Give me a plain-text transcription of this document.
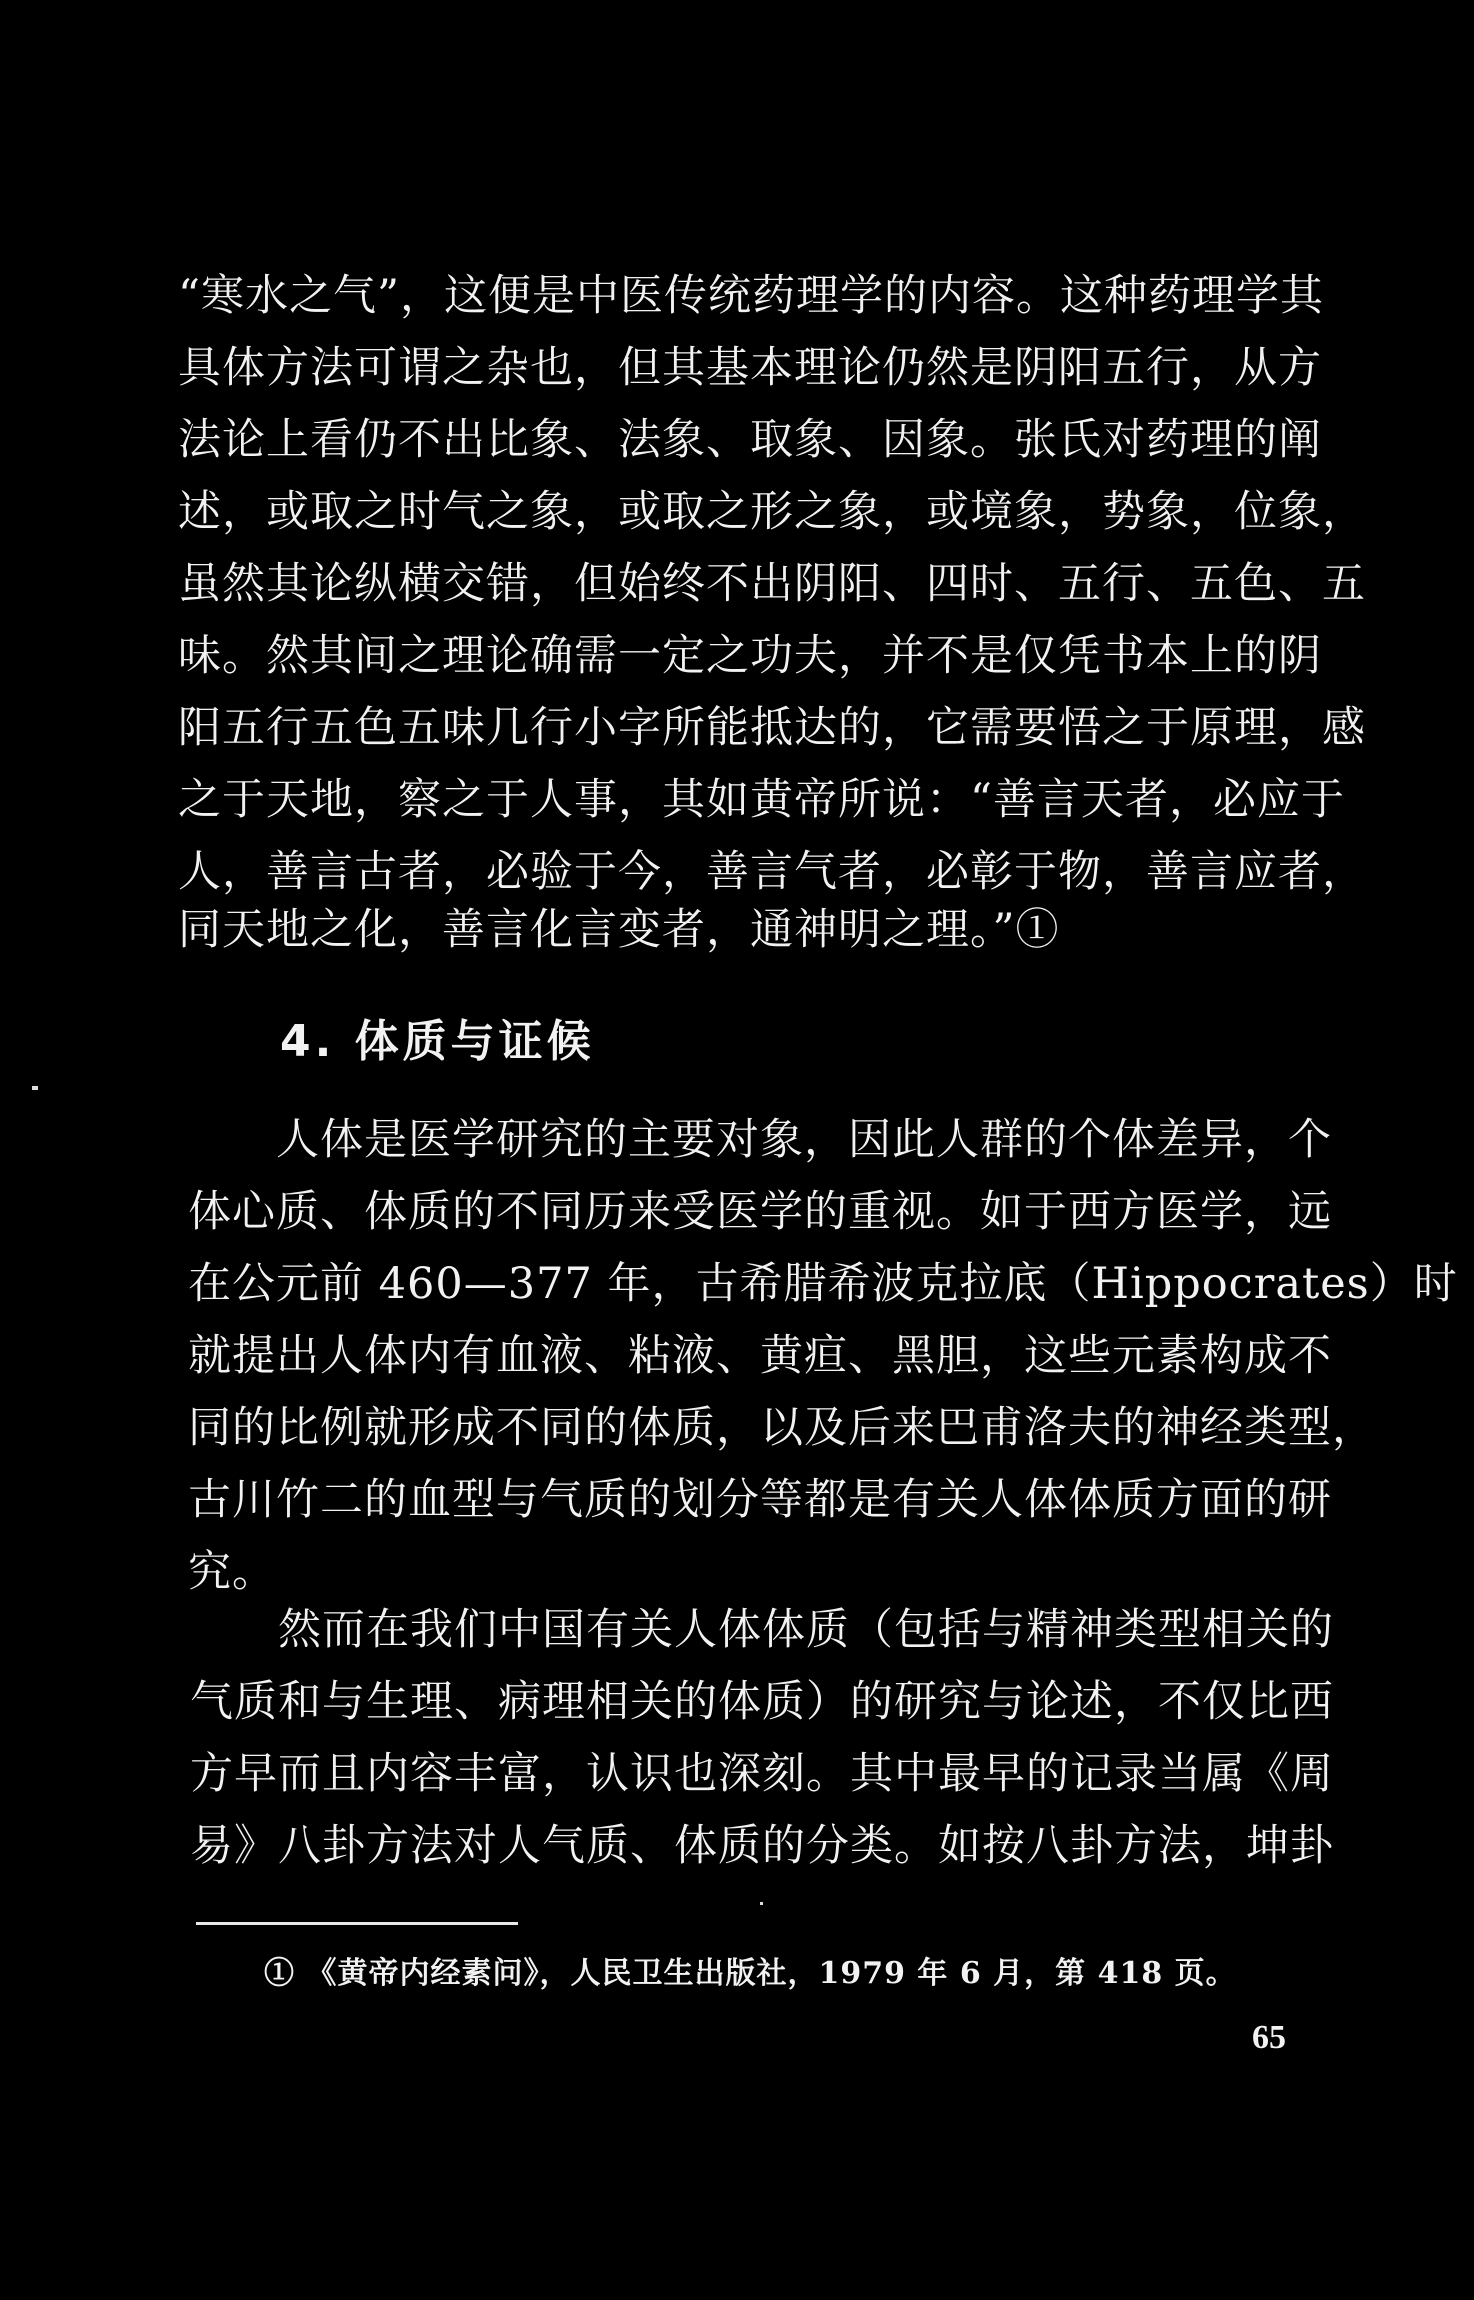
“寒水之气”，这便是中医传统药理学的内容。这种药理学其
具体方法可谓之杂也，但其基本理论仍然是阴阳五行，从方
法论上看仍不出比象、法象、取象、因象。张氏对药理的阐
述，或取之时气之象，或取之形之象，或境象，势象，位象，
虽然其论纵横交错，但始终不出阴阳、四时、五行、五色、五
味。然其间之理论确需一定之功夫，并不是仅凭书本上的阴
阳五行五色五味几行小字所能抵达的，它需要悟之于原理，感
之于天地，察之于人事，其如黄帝所说：“善言天者，必应于
人，善言古者，必验于今，善言气者，必彰于物，善言应者，
同天地之化，善言化言变者，通神明之理。”①
4. 体质与证候
　　人体是医学研究的主要对象，因此人群的个体差异，个
体心质、体质的不同历来受医学的重视。如于西方医学，远
在公元前 460—377 年，古希腊希波克拉底（Hippocrates）时
就提出人体内有血液、粘液、黄疸、黑胆，这些元素构成不
同的比例就形成不同的体质，以及后来巴甫洛夫的神经类型，
古川竹二的血型与气质的划分等都是有关人体体质方面的研
究。
　　然而在我们中国有关人体体质（包括与精神类型相关的
气质和与生理、病理相关的体质）的研究与论述，不仅比西
方早而且内容丰富，认识也深刻。其中最早的记录当属《周
易》八卦方法对人气质、体质的分类。如按八卦方法，坤卦
① 《黄帝内经素问》，人民卫生出版社，1979 年 6 月，第 418 页。
65
